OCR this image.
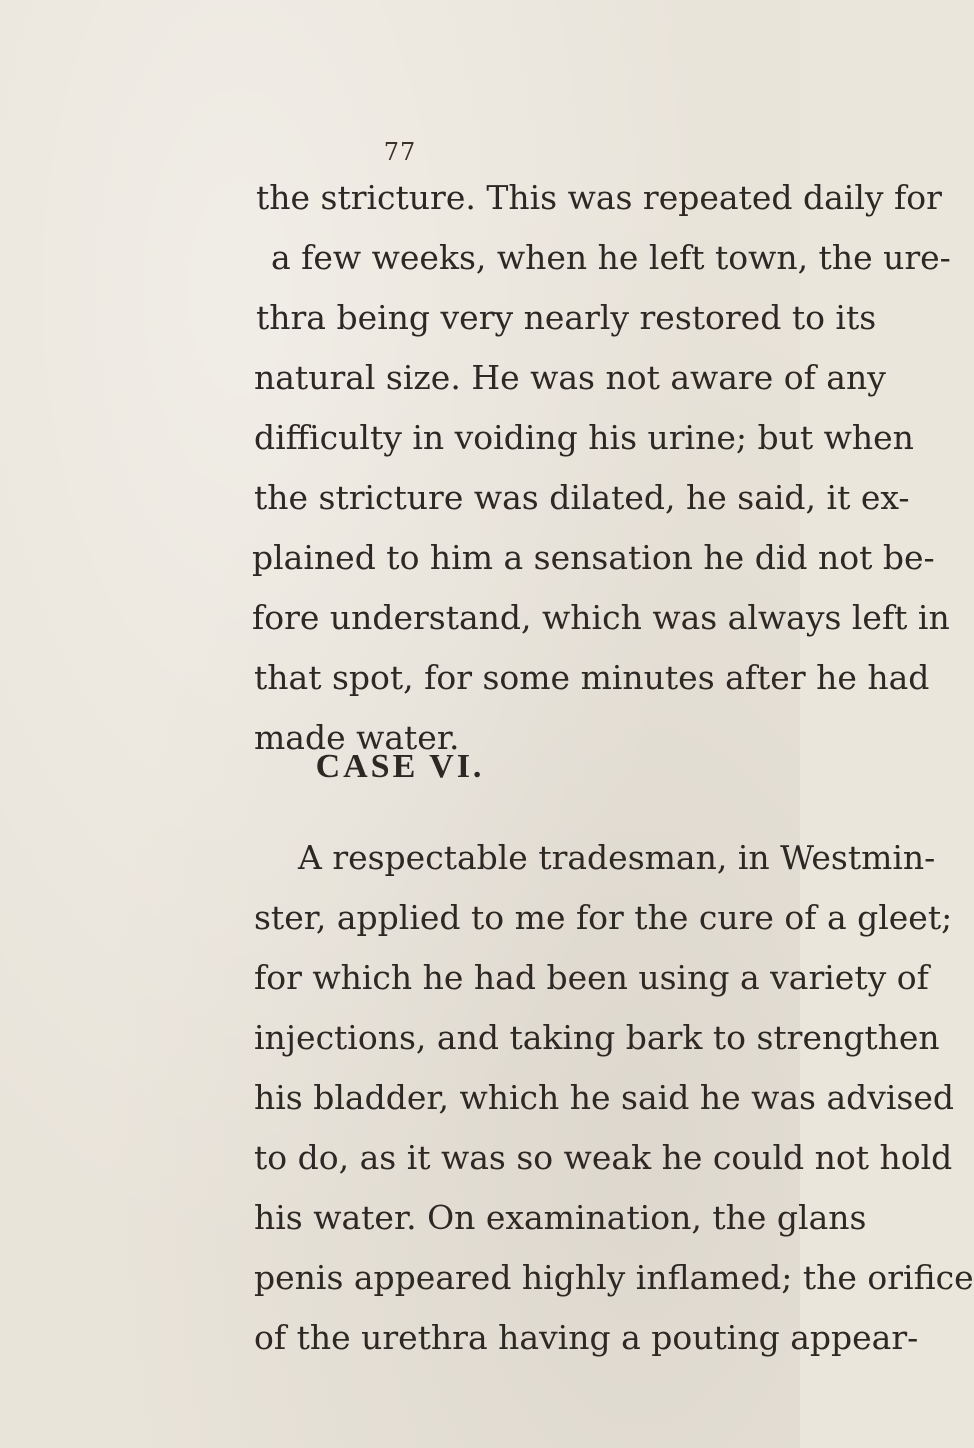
77

the stricture. This was repeated daily for

a few weeks, when he left town, the ure-

thra being very nearly restored to its

natural size. He was not aware of any

difficulty in voiding his urine; but when

the stricture was dilated, he said, it ex-

plained to him a sensation he did not be-

fore understand, which was always left in

that spot, for some minutes after he had

made water.

CASE VI.

A respectable tradesman, in Westmin-

ster, applied to me for the cure of a gleet;

for which he had been using a variety of

injections, and taking bark to strengthen

his bladder, which he said he was advised

to do, as it was so weak he could not hold

his water. On examination, the glans

penis appeared highly inflamed; the orifice

of the urethra having a pouting appear-
